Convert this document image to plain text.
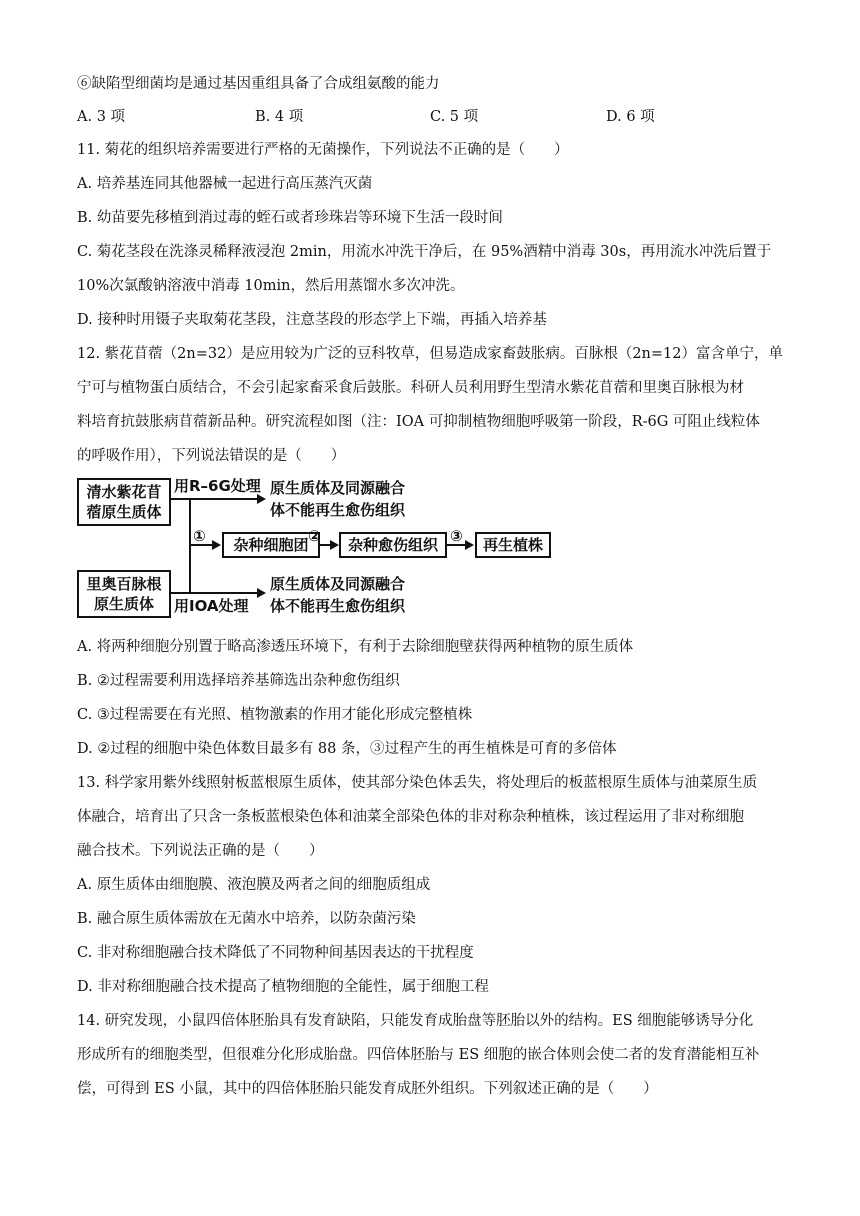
⑥缺陷型细菌均是通过基因重组具备了合成组氨酸的能力
A. 3 项	B. 4 项	C. 5 项	D. 6 项
11. 菊花的组织培养需要进行严格的无菌操作，下列说法不正确的是（　　）
A. 培养基连同其他器械一起进行高压蒸汽灭菌
B. 幼苗要先移植到消过毒的蛭石或者珍珠岩等环境下生活一段时间
C. 菊花茎段在洗涤灵稀释液浸泡 2min，用流水冲洗干净后，在 95%酒精中消毒 30s，再用流水冲洗后置于
10%次氯酸钠溶液中消毒 10min，然后用蒸馏水多次冲洗。
D. 接种时用镊子夹取菊花茎段，注意茎段的形态学上下端，再插入培养基
12. 紫花苜蓿（2n=32）是应用较为广泛的豆科牧草，但易造成家畜鼓胀病。百脉根（2n=12）富含单宁，单
宁可与植物蛋白质结合，不会引起家畜采食后鼓胀。科研人员利用野生型清水紫花苜蓿和里奥百脉根为材
料培育抗鼓胀病苜蓿新品种。研究流程如图（注：IOA 可抑制植物细胞呼吸第一阶段，R-6G 可阻止线粒体
的呼吸作用），下列说法错误的是（　　）
清水紫花苜
蓿原生质体
里奥百脉根
原生质体
用R–6G处理 原生质体及同源融合
体不能再生愈伤组织
用IOA处理
原生质体及同源融合
体不能再生愈伤组织
①	杂种细胞团 ②	杂种愈伤组织 ③	再生植株
A. 将两种细胞分别置于略高渗透压环境下，有利于去除细胞壁获得两种植物的原生质体
B. ②过程需要利用选择培养基筛选出杂种愈伤组织
C. ③过程需要在有光照、植物激素的作用才能化形成完整植株
D. ②过程的细胞中染色体数目最多有 88 条，③过程产生的再生植株是可育的多倍体
13. 科学家用紫外线照射板蓝根原生质体，使其部分染色体丢失，将处理后的板蓝根原生质体与油菜原生质
体融合，培育出了只含一条板蓝根染色体和油菜全部染色体的非对称杂种植株，该过程运用了非对称细胞
融合技术。下列说法正确的是（　　）
A. 原生质体由细胞膜、液泡膜及两者之间的细胞质组成
B. 融合原生质体需放在无菌水中培养，以防杂菌污染
C. 非对称细胞融合技术降低了不同物种间基因表达的干扰程度
D. 非对称细胞融合技术提高了植物细胞的全能性，属于细胞工程
14. 研究发现，小鼠四倍体胚胎具有发育缺陷，只能发育成胎盘等胚胎以外的结构。ES 细胞能够诱导分化
形成所有的细胞类型，但很难分化形成胎盘。四倍体胚胎与 ES 细胞的嵌合体则会使二者的发育潜能相互补
偿，可得到 ES 小鼠，其中的四倍体胚胎只能发育成胚外组织。下列叙述正确的是（　　）
